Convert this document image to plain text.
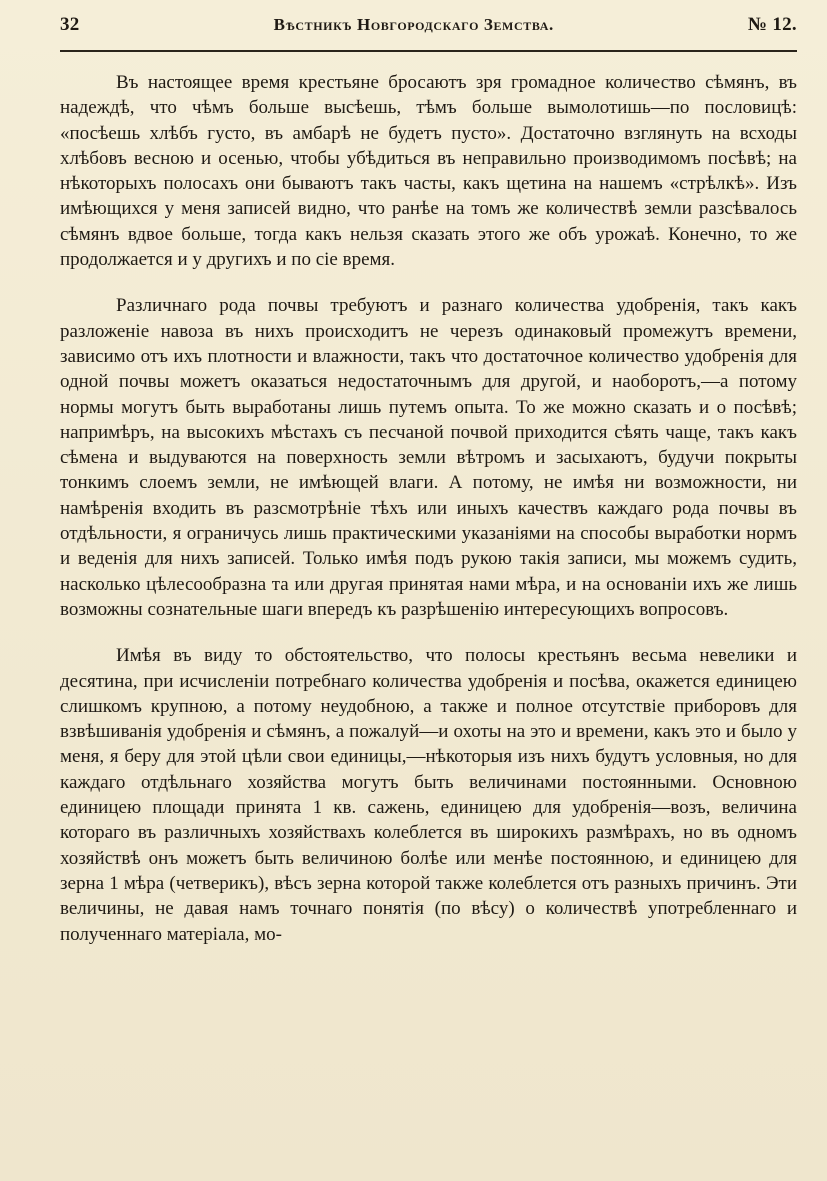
32	Вѣстникъ Новгородскаго Земства.	№ 12.

Въ настоящее время крестьяне бросаютъ зря громадное количество сѣмянъ, въ надеждѣ, что чѣмъ больше высѣешь, тѣмъ больше вымолотишь—по пословицѣ: «посѣешь хлѣбъ густо, въ амбарѣ не будетъ пусто». Достаточно взглянуть на всходы хлѣбовъ весною и осенью, чтобы убѣдиться въ неправильно производимомъ посѣвѣ; на нѣкоторыхъ полосахъ они бываютъ такъ часты, какъ щетина на нашемъ «стрѣлкѣ». Изъ имѣющихся у меня записей видно, что ранѣе на томъ же количествѣ земли разсѣвалось сѣмянъ вдвое больше, тогда какъ нельзя сказать этого же объ урожаѣ. Конечно, то же продолжается и у другихъ и по сіе время.

Различнаго рода почвы требуютъ и разнаго количества удобренія, такъ какъ разложеніе навоза въ нихъ происходитъ не черезъ одинаковый промежутъ времени, зависимо отъ ихъ плотности и влажности, такъ что достаточное количество удобренія для одной почвы можетъ оказаться недостаточнымъ для другой, и наоборотъ,—а потому нормы могутъ быть выработаны лишь путемъ опыта. То же можно сказать и о посѣвѣ; напримѣръ, на высокихъ мѣстахъ съ песчаной почвой приходится сѣять чаще, такъ какъ сѣмена и выдуваются на поверхность земли вѣтромъ и засыхаютъ, будучи покрыты тонкимъ слоемъ земли, не имѣющей влаги. А потому, не имѣя ни возможности, ни намѣренія входить въ разсмотрѣніе тѣхъ или иныхъ качествъ каждаго рода почвы въ отдѣльности, я ограничусь лишь практическими указаніями на способы выработки нормъ и веденія для нихъ записей. Только имѣя подъ рукою такія записи, мы можемъ судить, насколько цѣлесообразна та или другая принятая нами мѣра, и на основаніи ихъ же лишь возможны сознательные шаги впередъ къ разрѣшенію интересующихъ вопросовъ.

Имѣя въ виду то обстоятельство, что полосы крестьянъ весьма невелики и десятина, при исчисленіи потребнаго количества удобренія и посѣва, окажется единицею слишкомъ крупною, а потому неудобною, а также и полное отсутствіе приборовъ для взвѣшиванія удобренія и сѣмянъ, а пожалуй—и охоты на это и времени, какъ это и было у меня, я беру для этой цѣли свои единицы,—нѣкоторыя изъ нихъ будутъ условныя, но для каждаго отдѣльнаго хозяйства могутъ быть величинами постоянными. Основною единицею площади принята 1 кв. сажень, единицею для удобренія—возъ, величина котораго въ различныхъ хозяйствахъ колеблется въ широкихъ размѣрахъ, но въ одномъ хозяйствѣ онъ можетъ быть величиною болѣе или менѣе постоянною, и единицею для зерна 1 мѣра (четверикъ), вѣсъ зерна которой также колеблется отъ разныхъ причинъ. Эти величины, не давая намъ точнаго понятія (по вѣсу) о количествѣ употребленнаго и полученнаго матеріала, мо-
